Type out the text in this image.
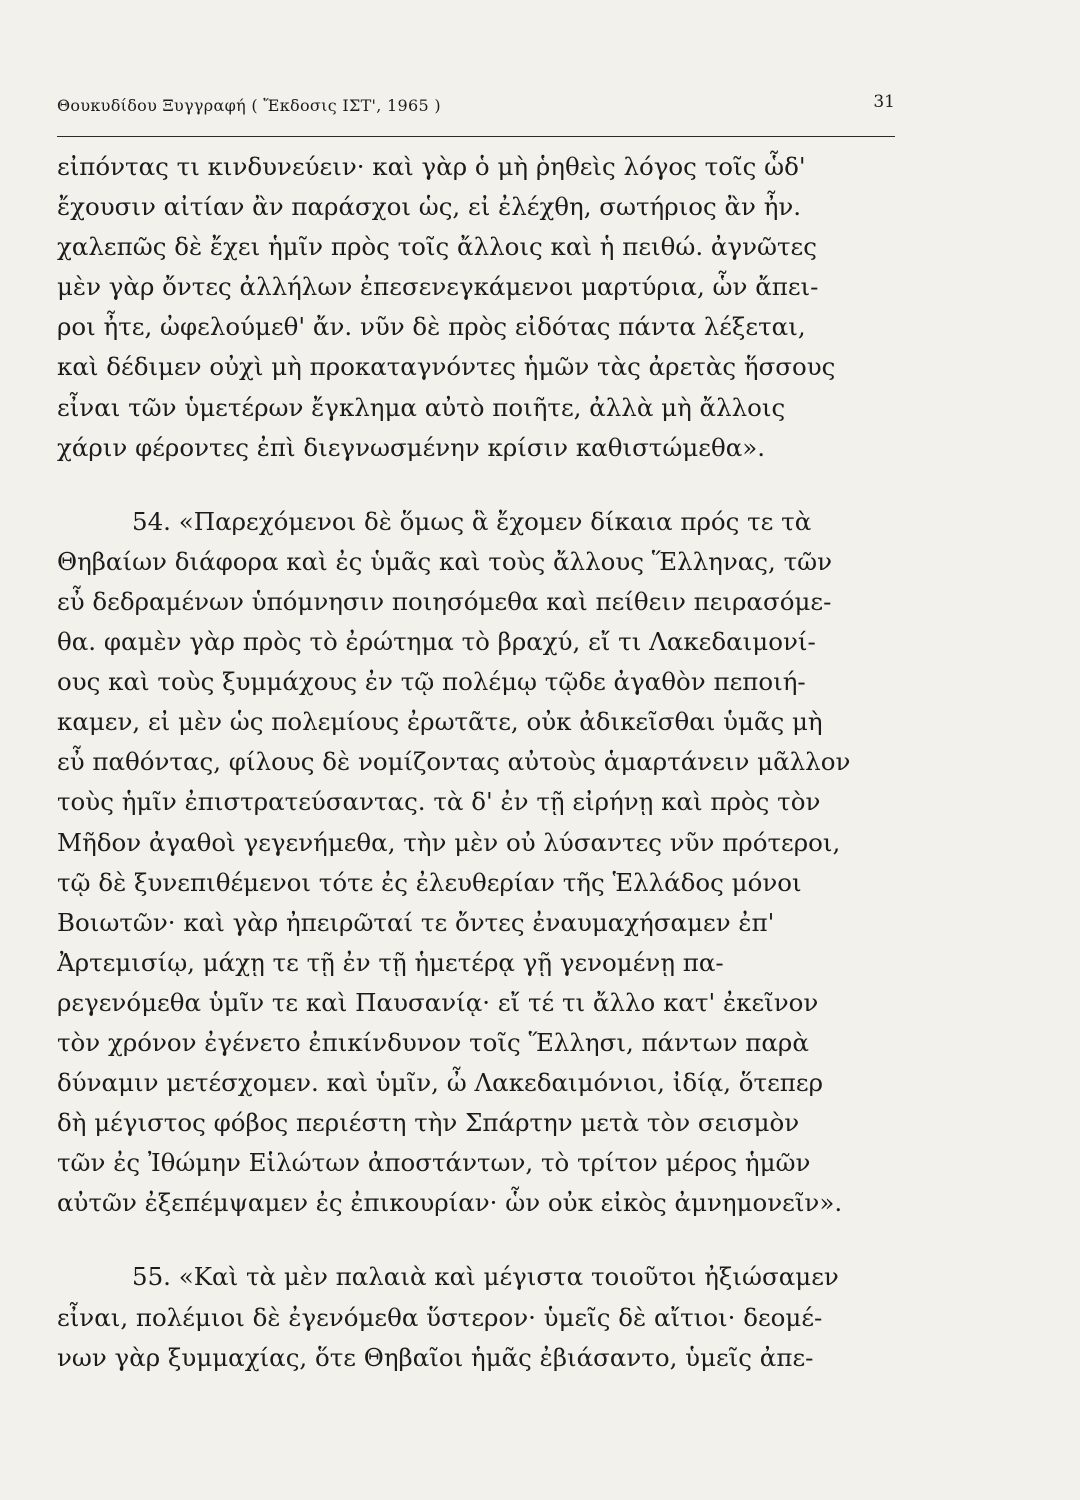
Θουκυδίδου Ξυγγραφή ( Ἔκδοσις ΙΣΤ', 1965 )	31
εἰπόντας τι κινδυνεύειν· καὶ γὰρ ὁ μὴ ῥηθεὶς λόγος τοῖς ὧδ'
ἔχουσιν αἰτίαν ἂν παράσχοι ὡς, εἰ ἐλέχθη, σωτήριος ἂν ἦν.
χαλεπῶς δὲ ἔχει ἡμῖν πρὸς τοῖς ἄλλοις καὶ ἡ πειθώ. ἀγνῶτες
μὲν γὰρ ὄντες ἀλλήλων ἐπεσενεγκάμενοι μαρτύρια, ὧν ἄπει-
ροι ἦτε, ὠφελούμεθ' ἄν. νῦν δὲ πρὸς εἰδότας πάντα λέξεται,
καὶ δέδιμεν οὐχὶ μὴ προκαταγνόντες ἡμῶν τὰς ἀρετὰς ἥσσους
εἶναι τῶν ὑμετέρων ἔγκλημα αὐτὸ ποιῆτε, ἀλλὰ μὴ ἄλλοις
χάριν φέροντες ἐπὶ διεγνωσμένην κρίσιν καθιστώμεθα».
54. «Παρεχόμενοι δὲ ὅμως ἃ ἔχομεν δίκαια πρός τε τὰ
Θηβαίων διάφορα καὶ ἐς ὑμᾶς καὶ τοὺς ἄλλους Ἕλληνας, τῶν
εὖ δεδραμένων ὑπόμνησιν ποιησόμεθα καὶ πείθειν πειρασόμε-
θα. φαμὲν γὰρ πρὸς τὸ ἐρώτημα τὸ βραχύ, εἴ τι Λακεδαιμονί-
ους καὶ τοὺς ξυμμάχους ἐν τῷ πολέμῳ τῷδε ἀγαθὸν πεποιή-
καμεν, εἰ μὲν ὡς πολεμίους ἐρωτᾶτε, οὐκ ἀδικεῖσθαι ὑμᾶς μὴ
εὖ παθόντας, φίλους δὲ νομίζοντας αὐτοὺς ἁμαρτάνειν μᾶλλον
τοὺς ἡμῖν ἐπιστρατεύσαντας. τὰ δ' ἐν τῇ εἰρήνῃ καὶ πρὸς τὸν
Μῆδον ἀγαθοὶ γεγενήμεθα, τὴν μὲν οὐ λύσαντες νῦν πρότεροι,
τῷ δὲ ξυνεπιθέμενοι τότε ἐς ἐλευθερίαν τῆς Ἑλλάδος μόνοι
Βοιωτῶν· καὶ γὰρ ἠπειρῶταί τε ὄντες ἐναυμαχήσαμεν ἐπ'
Ἀρτεμισίῳ, μάχῃ τε τῇ ἐν τῇ ἡμετέρᾳ γῇ γενομένῃ πα-
ρεγενόμεθα ὑμῖν τε καὶ Παυσανίᾳ· εἴ τέ τι ἄλλο κατ' ἐκεῖνον
τὸν χρόνον ἐγένετο ἐπικίνδυνον τοῖς Ἕλλησι, πάντων παρὰ
δύναμιν μετέσχομεν. καὶ ὑμῖν, ὦ Λακεδαιμόνιοι, ἰδίᾳ, ὅτεπερ
δὴ μέγιστος φόβος περιέστη τὴν Σπάρτην μετὰ τὸν σεισμὸν
τῶν ἐς Ἰθώμην Εἱλώτων ἀποστάντων, τὸ τρίτον μέρος ἡμῶν
αὐτῶν ἐξεπέμψαμεν ἐς ἐπικουρίαν· ὧν οὐκ εἰκὸς ἀμνημονεῖν».
55. «Καὶ τὰ μὲν παλαιὰ καὶ μέγιστα τοιοῦτοι ἠξιώσαμεν
εἶναι, πολέμιοι δὲ ἐγενόμεθα ὕστερον· ὑμεῖς δὲ αἴτιοι· δεομέ-
νων γὰρ ξυμμαχίας, ὅτε Θηβαῖοι ἡμᾶς ἐβιάσαντο, ὑμεῖς ἀπε-
